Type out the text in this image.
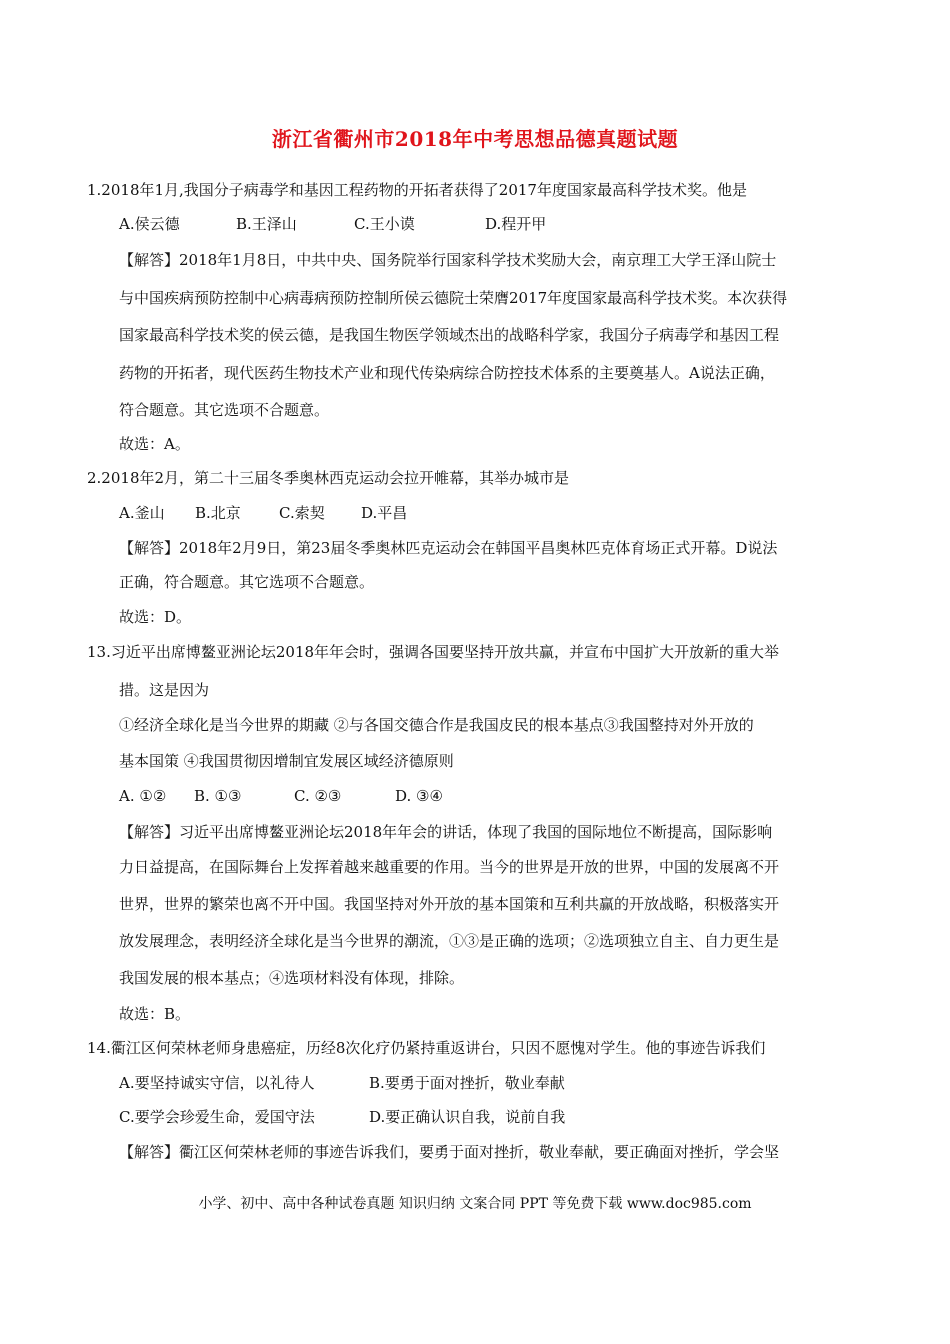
浙江省衢州市2018年中考思想品德真题试题
1.2018年1月,我国分子病毒学和基因工程药物的开拓者获得了2017年度国家最高科学技术奖。他是
A.侯云德	B.王泽山	C.王小谟	D.程开甲
【解答】2018年1月8日，中共中央、国务院举行国家科学技术奖励大会，南京理工大学王泽山院士
与中国疾病预防控制中心病毒病预防控制所侯云德院士荣膺2017年度国家最高科学技术奖。本次获得
国家最高科学技术奖的侯云德，是我国生物医学领域杰出的战略科学家，我国分子病毒学和基因工程
药物的开拓者，现代医药生物技术产业和现代传染病综合防控技术体系的主要奠基人。A说法正确，
符合题意。其它选项不合题意。
故选：A。
2.2018年2月，第二十三届冬季奥林西克运动会拉开帷幕，其举办城市是
A.釜山 B.北京	C.索契 D.平昌
【解答】2018年2月9日，第23届冬季奥林匹克运动会在韩国平昌奥林匹克体育场正式开幕。D说法
正确，符合题意。其它选项不合题意。
故选：D。
13.习近平出席博鳌亚洲论坛2018年年会时，强调各国要坚持开放共赢，并宣布中国扩大开放新的重大举
措。这是因为
①经济全球化是当今世界的期藏 ②与各国交德合作是我国皮民的根本基点③我国整持对外开放的
基本国策 ④我国贯彻因增制宜发展区域经济德原则
A. ①② B. ①③	C. ②③	D. ③④
【解答】习近平出席博鳌亚洲论坛2018年年会的讲话，体现了我国的国际地位不断提高，国际影响
力日益提高，在国际舞台上发挥着越来越重要的作用。当今的世界是开放的世界，中国的发展离不开
世界，世界的繁荣也离不开中国。我国坚持对外开放的基本国策和互利共赢的开放战略，积极落实开
放发展理念，表明经济全球化是当今世界的潮流，①③是正确的选项；②选项独立自主、自力更生是
我国发展的根本基点；④选项材料没有体现，排除。
故选：B。
14.衢江区何荣林老师身患癌症，历经8次化疗仍紧持重返讲台，只因不愿愧对学生。他的事迹告诉我们
A.要坚持诚实守信，以礼待人	B.要勇于面对挫折，敬业奉献
C.要学会珍爱生命，爱国守法	D.要正确认识自我，说前自我
【解答】衢江区何荣林老师的事迹告诉我们，要勇于面对挫折，敬业奉献，要正确面对挫折，学会坚
小学、初中、高中各种试卷真题 知识归纳 文案合同 PPT 等免费下载 www.doc985.com
